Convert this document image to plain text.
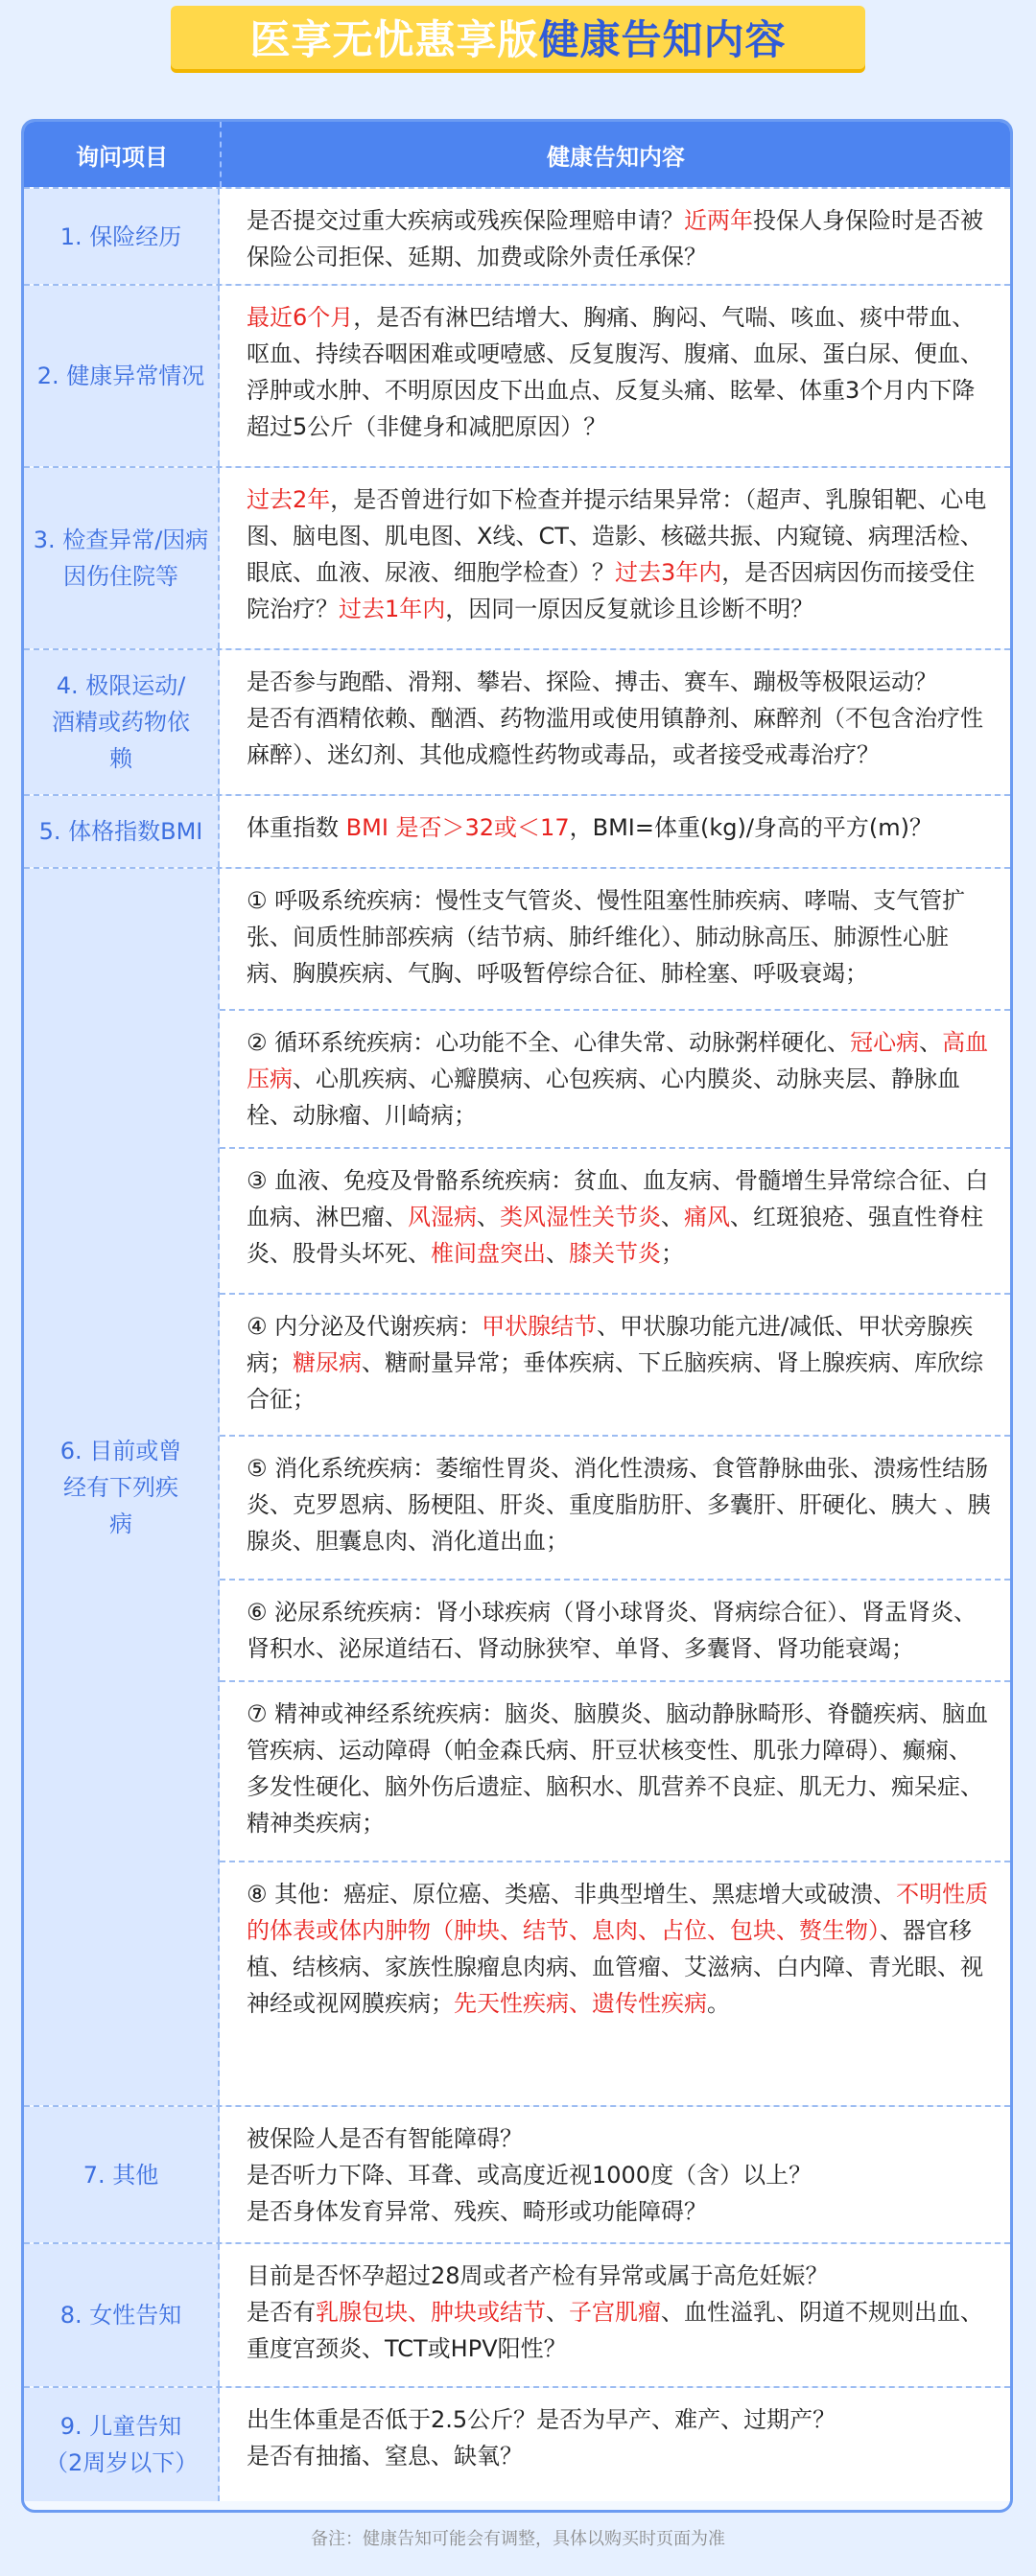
医享无忧惠享版 健康告知内容
询问项目	健康告知内容
1. 保险经历
是否提交过重大疾病或残疾保险理赔申请？近两年投保人身保险时是否被保险公司拒保、延期、加费或除外责任承保？
2. 健康异常情况
最近6个月，是否有淋巴结增大、胸痛、胸闷、气喘、咳血、痰中带血、呕血、持续吞咽困难或哽噎感、反复腹泻、腹痛、血尿、蛋白尿、便血、浮肿或水肿、不明原因皮下出血点、反复头痛、眩晕、体重3个月内下降超过5公斤（非健身和减肥原因）？
3. 检查异常/因病因伤住院等
过去2年，是否曾进行如下检查并提示结果异常：（超声、乳腺钼靶、心电图、脑电图、肌电图、X线、CT、造影、核磁共振、内窥镜、病理活检、眼底、血液、尿液、细胞学检查）？过去3年内，是否因病因伤而接受住院治疗？过去1年内，因同一原因反复就诊且诊断不明？
4. 极限运动/酒精或药物依赖
是否参与跑酷、滑翔、攀岩、探险、搏击、赛车、蹦极等极限运动？
是否有酒精依赖、酗酒、药物滥用或使用镇静剂、麻醉剂（不包含治疗性麻醉）、迷幻剂、其他成瘾性药物或毒品，或者接受戒毒治疗？
5. 体格指数BMI	体重指数 BMI 是否＞32或＜17，BMI=体重(kg)/身高的平方(m)？
6. 目前或曾经有下列疾病
① 呼吸系统疾病：慢性支气管炎、慢性阻塞性肺疾病、哮喘、支气管扩张、间质性肺部疾病（结节病、肺纤维化）、肺动脉高压、肺源性心脏病、胸膜疾病、气胸、呼吸暂停综合征、肺栓塞、呼吸衰竭；
② 循环系统疾病：心功能不全、心律失常、动脉粥样硬化、冠心病、高血压病、心肌疾病、心瓣膜病、心包疾病、心内膜炎、动脉夹层、静脉血栓、动脉瘤、川崎病；
③ 血液、免疫及骨骼系统疾病：贫血、血友病、骨髓增生异常综合征、白血病、淋巴瘤、风湿病、类风湿性关节炎、痛风、红斑狼疮、强直性脊柱炎、股骨头坏死、椎间盘突出、膝关节炎；
④ 内分泌及代谢疾病：甲状腺结节、甲状腺功能亢进/减低、甲状旁腺疾病；糖尿病、糖耐量异常；垂体疾病、下丘脑疾病、肾上腺疾病、库欣综合征；
⑤ 消化系统疾病：萎缩性胃炎、消化性溃疡、食管静脉曲张、溃疡性结肠炎、克罗恩病、肠梗阻、肝炎、重度脂肪肝、多囊肝、肝硬化、胰大 、胰腺炎、胆囊息肉、消化道出血；
⑥ 泌尿系统疾病：肾小球疾病（肾小球肾炎、肾病综合征）、肾盂肾炎、肾积水、泌尿道结石、肾动脉狭窄、单肾、多囊肾、肾功能衰竭；
⑦ 精神或神经系统疾病：脑炎、脑膜炎、脑动静脉畸形、脊髓疾病、脑血管疾病、运动障碍（帕金森氏病、肝豆状核变性、肌张力障碍）、癫痫、多发性硬化、脑外伤后遗症、脑积水、肌营养不良症、肌无力、痴呆症、精神类疾病；
⑧ 其他：癌症、原位癌、类癌、非典型增生、黑痣增大或破溃、不明性质的体表或体内肿物（肿块、结节、息肉、占位、包块、赘生物）、器官移植、结核病、家族性腺瘤息肉病、血管瘤、艾滋病、白内障、青光眼、视神经或视网膜疾病；先天性疾病、遗传性疾病。
7. 其他
被保险人是否有智能障碍？
是否听力下降、耳聋、或高度近视1000度（含）以上？
是否身体发育异常、残疾、畸形或功能障碍？
8. 女性告知
目前是否怀孕超过28周或者产检有异常或属于高危妊娠？
是否有乳腺包块、肿块或结节、子宫肌瘤、血性溢乳、阴道不规则出血、重度宫颈炎、TCT或HPV阳性？
9. 儿童告知（2周岁以下）
出生体重是否低于2.5公斤？是否为早产、难产、过期产？
是否有抽搐、窒息、缺氧？
备注：健康告知可能会有调整，具体以购买时页面为准
